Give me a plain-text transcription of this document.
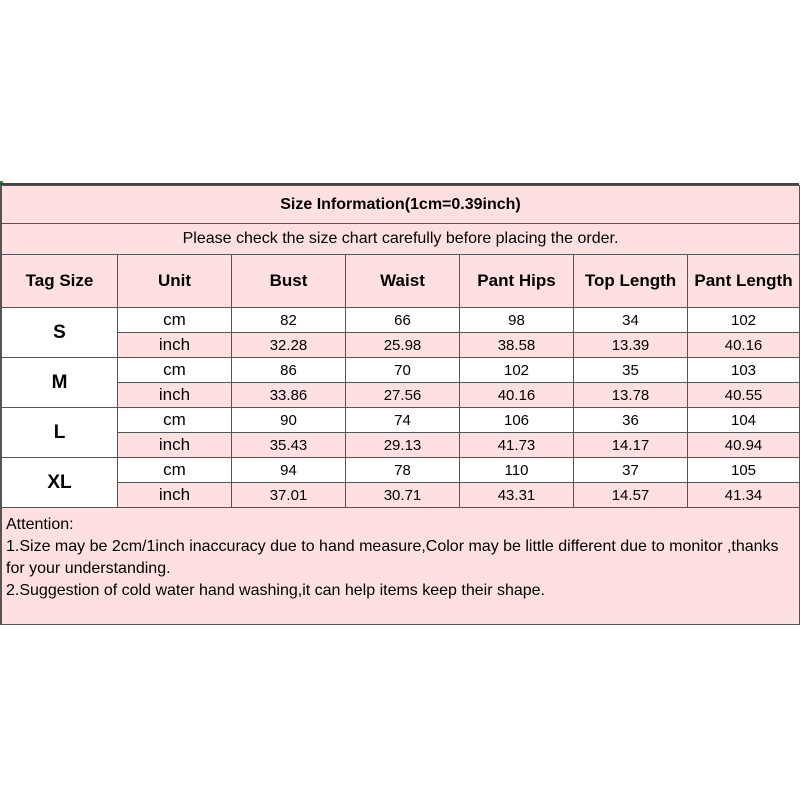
Size Information(1cm=0.39inch)						
Please check the size chart carefully before placing the order.						
Tag Size	Unit	Bust	Waist	Pant Hips	Top Length	Pant Length
S	cm	82	66	98	34	102
	inch	32.28	25.98	38.58	13.39	40.16
M	cm	86	70	102	35	103
	inch	33.86	27.56	40.16	13.78	40.55
L	cm	90	74	106	36	104
	inch	35.43	29.13	41.73	14.17	40.94
XL	cm	94	78	110	37	105
	inch	37.01	30.71	43.31	14.57	41.34

Attention:

1.Size may be 2cm/1inch inaccuracy due to hand measure,Color may be little different due to monitor ,thanks for your understanding.

2.Suggestion of cold water hand washing,it can help items keep their shape.						
